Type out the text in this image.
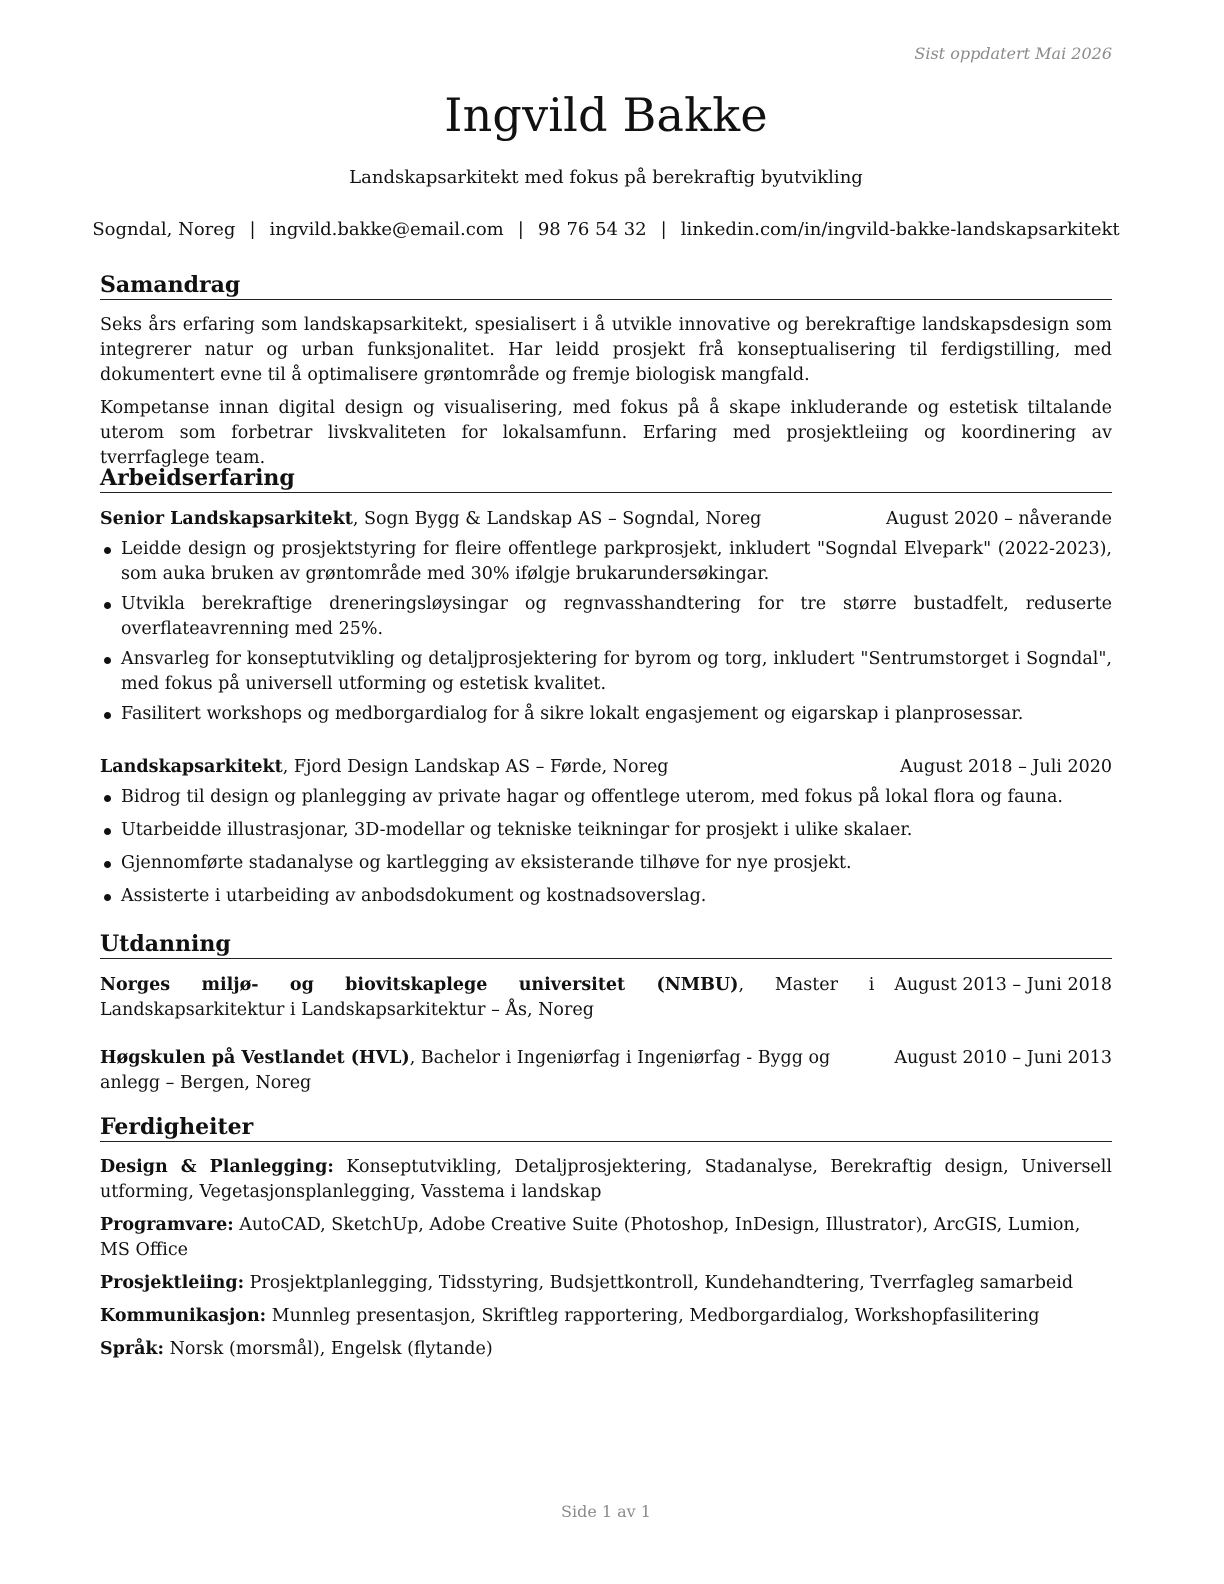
Sist oppdatert Mai 2026
Ingvild Bakke
Landskapsarkitekt med fokus på berekraftig byutvikling
Sogndal, Noreg | ingvild.bakke@email.com | 98 76 54 32 | linkedin.com/in/ingvild-bakke-landskapsarkitekt
Samandrag

Seks års erfaring som landskapsarkitekt, spesialisert i å utvikle innovative og berekraftige landskapsdesign som integrerer natur og urban funksjonalitet. Har leidd prosjekt frå konseptualisering til ferdigstilling, med dokumentert evne til å optimalisere grøntområde og fremje biologisk mangfald.

Kompetanse innan digital design og visualisering, med fokus på å skape inkluderande og estetisk tiltalande uterom som forbetrar livskvaliteten for lokalsamfunn. Erfaring med prosjektleiing og koordinering av tverrfaglege team.

Arbeidserfaring
Senior Landskapsarkitekt, Sogn Bygg & Landskap AS – Sogndal, Noreg	August 2020 – nåverande
Leidde design og prosjektstyring for fleire offentlege parkprosjekt, inkludert "Sogndal Elvepark" (2022-2023), som auka bruken av grøntområde med 30% ifølgje brukarundersøkingar.
Utvikla berekraftige dreneringsløysingar og regnvasshandtering for tre større bustadfelt, reduserte overflateavrenning med 25%.
Ansvarleg for konseptutvikling og detaljprosjektering for byrom og torg, inkludert "Sentrumstorget i Sogndal", med fokus på universell utforming og estetisk kvalitet.
Fasilitert workshops og medborgardialog for å sikre lokalt engasjement og eigarskap i planprosessar.
Landskapsarkitekt, Fjord Design Landskap AS – Førde, Noreg	August 2018 – Juli 2020
Bidrog til design og planlegging av private hagar og offentlege uterom, med fokus på lokal flora og fauna.
Utarbeidde illustrasjonar, 3D-modellar og tekniske teikningar for prosjekt i ulike skalaer.
Gjennomførte stadanalyse og kartlegging av eksisterande tilhøve for nye prosjekt.
Assisterte i utarbeiding av anbodsdokument og kostnadsoverslag.
Utdanning
Norges miljø- og biovitskaplege universitet (NMBU), Master i Landskapsarkitektur i Landskapsarkitektur – Ås, Noreg
August 2013 – Juni 2018
Høgskulen på Vestlandet (HVL), Bachelor i Ingeniørfag i Ingeniørfag - Bygg og anlegg – Bergen, Noreg
August 2010 – Juni 2013
Ferdigheiter
Design & Planlegging: Konseptutvikling, Detaljprosjektering, Stadanalyse, Berekraftig design, Universell utforming, Vegetasjonsplanlegging, Vasstema i landskap
Programvare: AutoCAD, SketchUp, Adobe Creative Suite (Photoshop, InDesign, Illustrator), ArcGIS, Lumion, MS Office
Prosjektleiing: Prosjektplanlegging, Tidsstyring, Budsjettkontroll, Kundehandtering, Tverrfagleg samarbeid
Kommunikasjon: Munnleg presentasjon, Skriftleg rapportering, Medborgardialog, Workshopfasilitering
Språk: Norsk (morsmål), Engelsk (flytande)
Side 1 av 1
